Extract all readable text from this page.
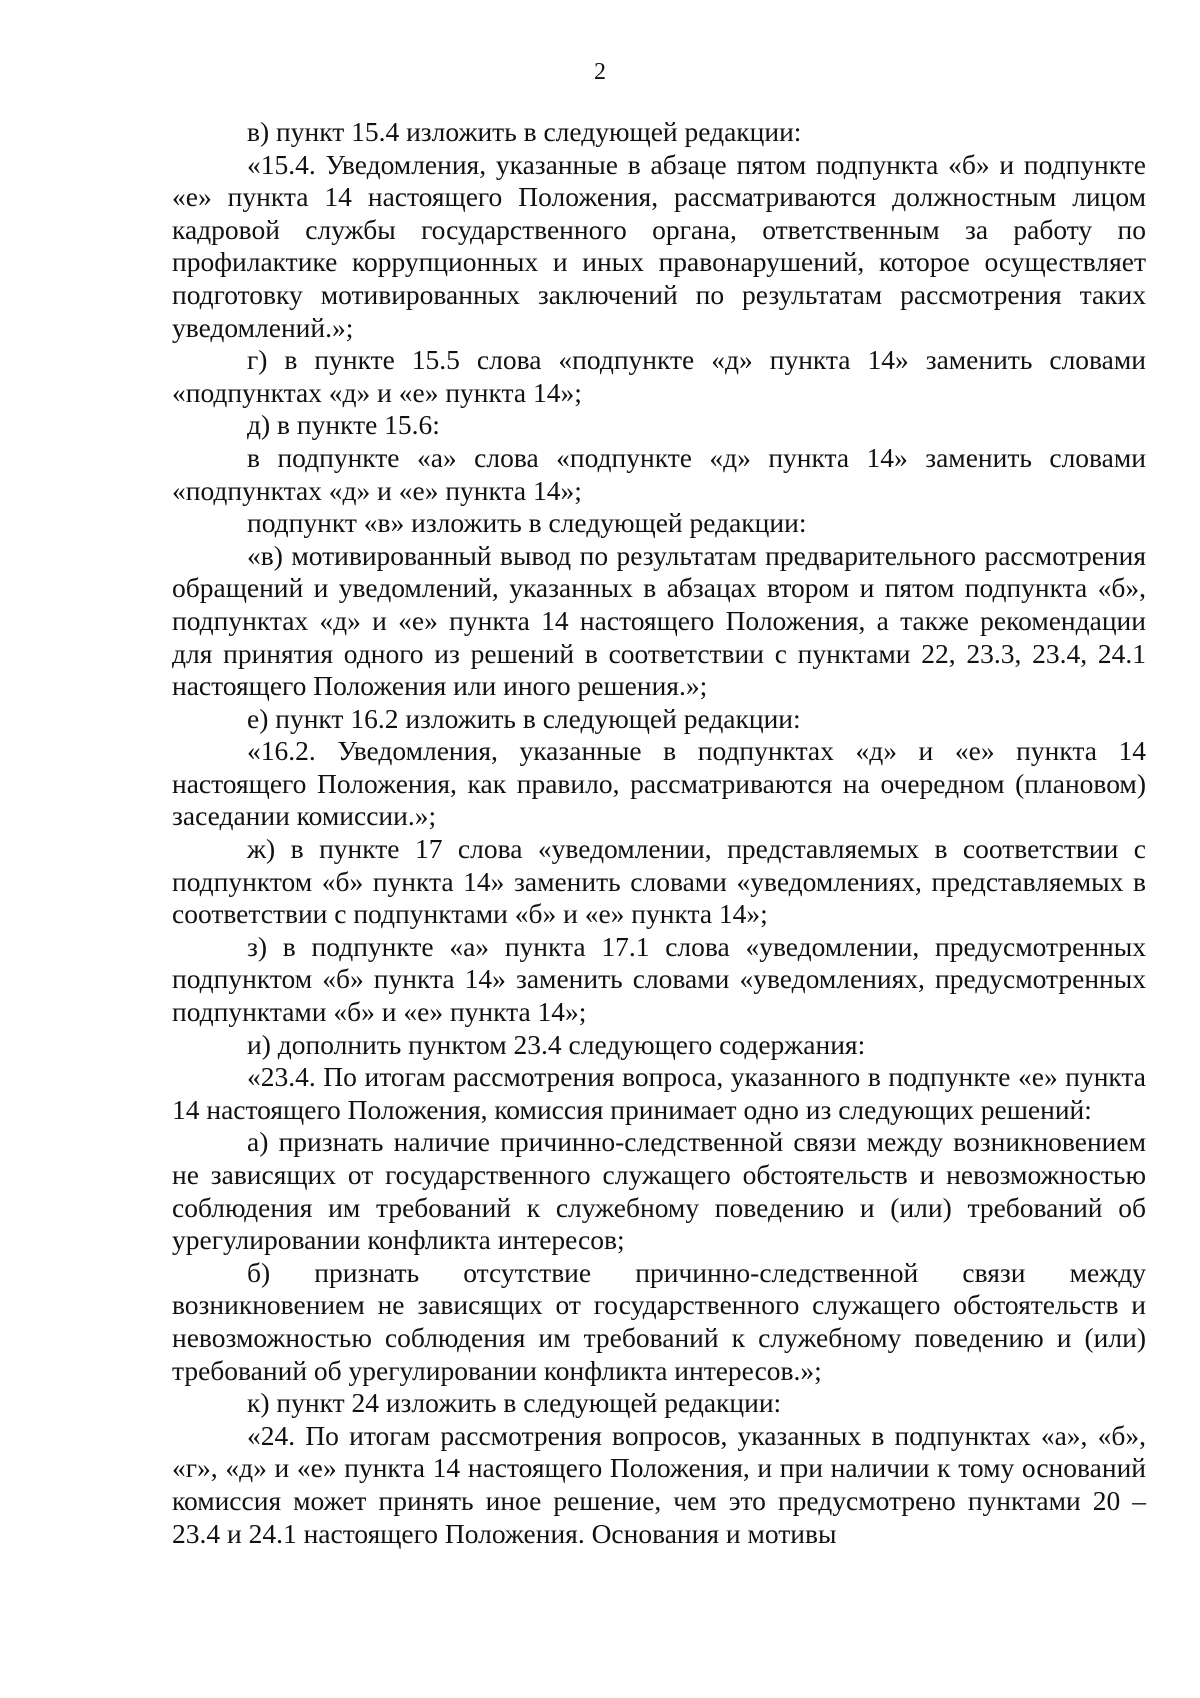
2

в) пункт 15.4 изложить в следующей редакции:

«15.4. Уведомления, указанные в абзаце пятом подпункта «б» и подпункте «е» пункта 14 настоящего Положения, рассматриваются должностным лицом кадровой службы государственного органа, ответственным за работу по профилактике коррупционных и иных правонарушений, которое осуществляет подготовку мотивированных заключений по результатам рассмотрения таких уведомлений.»;

г) в пункте 15.5 слова «подпункте «д» пункта 14» заменить словами «подпунктах «д» и «е» пункта 14»;

д) в пункте 15.6:

в подпункте «а» слова «подпункте «д» пункта 14» заменить словами «подпунктах «д» и «е» пункта 14»;

подпункт «в» изложить в следующей редакции:

«в) мотивированный вывод по результатам предварительного рассмотрения обращений и уведомлений, указанных в абзацах втором и пятом подпункта «б», подпунктах «д» и «е» пункта 14 настоящего Положения, а также рекомендации для принятия одного из решений в соответствии с пунктами 22, 23.3, 23.4, 24.1 настоящего Положения или иного решения.»;

е) пункт 16.2 изложить в следующей редакции:

«16.2. Уведомления, указанные в подпунктах «д» и «е» пункта 14 настоящего Положения, как правило, рассматриваются на очередном (плановом) заседании комиссии.»;

ж) в пункте 17 слова «уведомлении, представляемых в соответствии с подпунктом «б» пункта 14» заменить словами «уведомлениях, представляемых в соответствии с подпунктами «б» и «е» пункта 14»;

з) в подпункте «а» пункта 17.1 слова «уведомлении, предусмотренных подпунктом «б» пункта 14» заменить словами «уведомлениях, предусмотренных подпунктами «б» и «е» пункта 14»;

и) дополнить пунктом 23.4 следующего содержания:

«23.4. По итогам рассмотрения вопроса, указанного в подпункте «е» пункта 14 настоящего Положения, комиссия принимает одно из следующих решений:

а) признать наличие причинно-следственной связи между возникновением не зависящих от государственного служащего обстоятельств и невозможностью соблюдения им требований к служебному поведению и (или) требований об урегулировании конфликта интересов;

б) признать отсутствие причинно-следственной связи между возникновением не зависящих от государственного служащего обстоятельств и невозможностью соблюдения им требований к служебному поведению и (или) требований об урегулировании конфликта интересов.»;

к) пункт 24 изложить в следующей редакции:

«24. По итогам рассмотрения вопросов, указанных в подпунктах «а», «б», «г», «д» и «е» пункта 14 настоящего Положения, и при наличии к тому оснований комиссия может принять иное решение, чем это предусмотрено пунктами 20 – 23.4 и 24.1 настоящего Положения. Основания и мотивы
